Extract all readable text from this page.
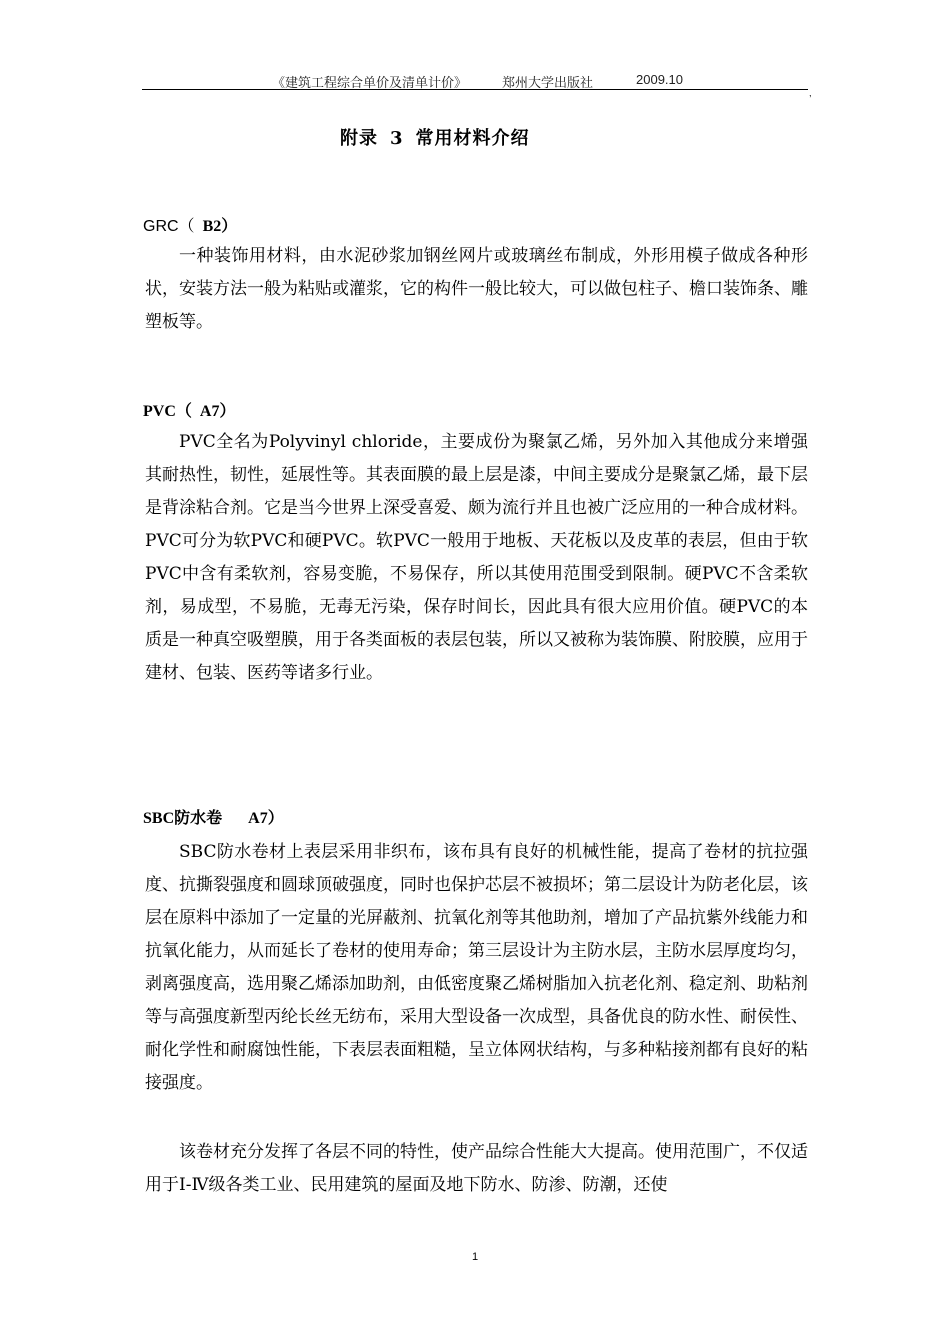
《建筑工程综合单价及清单计价》	郑州大学出版社	2009.10
,
附录 3 常用材料介绍
GRC（ B2）

一种装饰用材料，由水泥砂浆加钢丝网片或玻璃丝布制成，外形用模子做成各种形状，安装方法一般为粘贴或灌浆，它的构件一般比较大，可以做包柱子、檐口装饰条、雕塑板等。

PVC（ A7）

PVC全名为Polyvinyl chloride，主要成份为聚氯乙烯，另外加入其他成分来增强其耐热性，韧性，延展性等。其表面膜的最上层是漆，中间主要成分是聚氯乙烯，最下层是背涂粘合剂。它是当今世界上深受喜爱、颇为流行并且也被广泛应用的一种合成材料。PVC可分为软PVC和硬PVC。软PVC一般用于地板、天花板以及皮革的表层，但由于软PVC中含有柔软剂，容易变脆，不易保存，所以其使用范围受到限制。硬PVC不含柔软剂，易成型，不易脆，无毒无污染，保存时间长，因此具有很大应用价值。硬PVC的本质是一种真空吸塑膜，用于各类面板的表层包装，所以又被称为装饰膜、附胶膜，应用于建材、包装、医药等诸多行业。

SBC防水卷 A7）

SBC防水卷材上表层采用非织布，该布具有良好的机械性能，提高了卷材的抗拉强度、抗撕裂强度和圆球顶破强度，同时也保护芯层不被损坏；第二层设计为防老化层，该层在原料中添加了一定量的光屏蔽剂、抗氧化剂等其他助剂，增加了产品抗紫外线能力和抗氧化能力，从而延长了卷材的使用寿命；第三层设计为主防水层，主防水层厚度均匀，剥离强度高，选用聚乙烯添加助剂，由低密度聚乙烯树脂加入抗老化剂、稳定剂、助粘剂等与高强度新型丙纶长丝无纺布，采用大型设备一次成型，具备优良的防水性、耐侯性、耐化学性和耐腐蚀性能，下表层表面粗糙，呈立体网状结构，与多种粘接剂都有良好的粘接强度。

该卷材充分发挥了各层不同的特性，使产品综合性能大大提高。使用范围广，不仅适用于Ⅰ-Ⅳ级各类工业、民用建筑的屋面及地下防水、防渗、防潮，还使

1
